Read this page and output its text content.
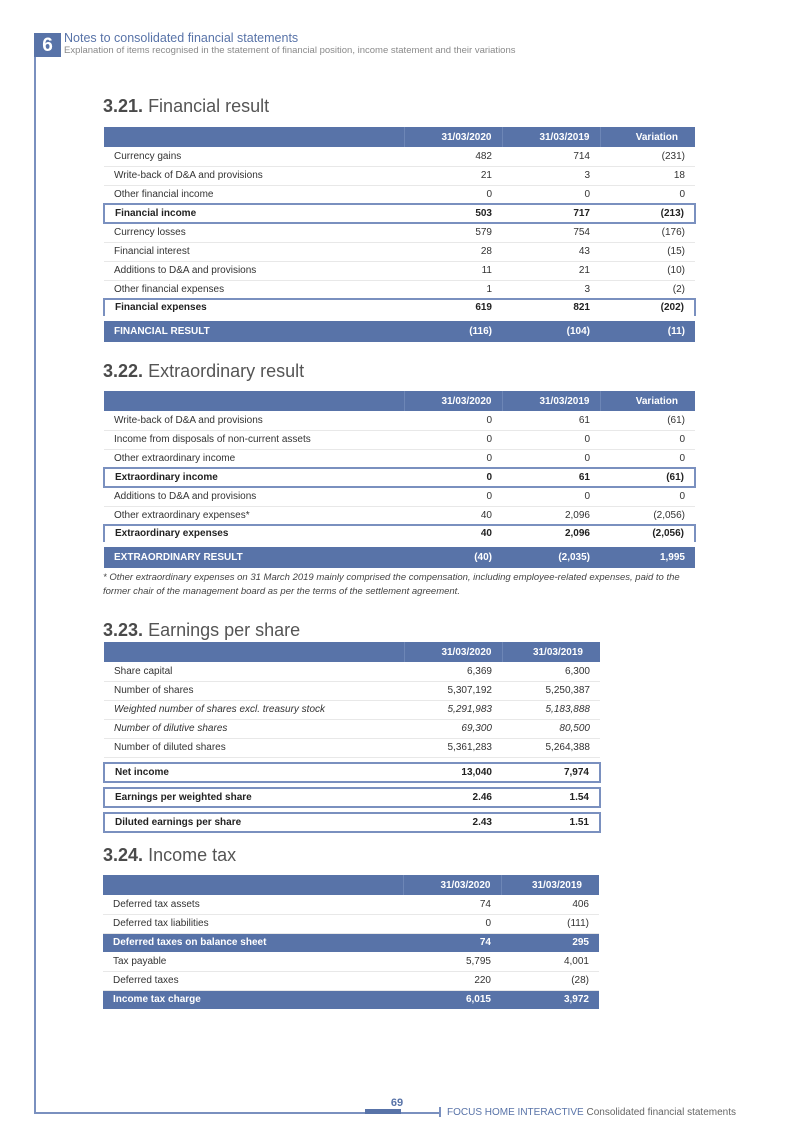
69
FOCUS HOME INTERACTIVE Consolidated financial statements
6 Notes to consolidated financial statements
Explanation of items recognised in the statement of financial position, income statement and their variations
3.21. Financial result
	31/03/2020	31/03/2019	Variation
Currency gains	482	714	(231)
Write-back of D&A and provisions	21	3	18
Other financial income	0	0	0
Financial income	503	717	(213)
Currency losses	579	754	(176)
Financial interest	28	43	(15)
Additions to D&A and provisions	11	21	(10)
Other financial expenses	1	3	(2)
Financial expenses	619	821	(202)
FINANCIAL RESULT	(116)	(104)	(11)
3.22. Extraordinary result
	31/03/2020	31/03/2019	Variation
Write-back of D&A and provisions	0	61	(61)
Income from disposals of non-current assets	0	0	0
Other extraordinary income	0	0	0
Extraordinary income	0	61	(61)
Additions to D&A and provisions	0	0	0
Other extraordinary expenses*	40	2,096	(2,056)
Extraordinary expenses	40	2,096	(2,056)
EXTRAORDINARY RESULT	(40)	(2,035)	1,995
* Other extraordinary expenses on 31 March 2019 mainly comprised the compensation, including employee-related expenses, paid to the former chair of the management board as per the terms of the settlement agreement.
3.23. Earnings per share
	31/03/2020	31/03/2019
Share capital	6,369	6,300
Number of shares	5,307,192	5,250,387
Weighted number of shares excl. treasury stock	5,291,983	5,183,888
Number of dilutive shares	69,300	80,500
Number of diluted shares	5,361,283	5,264,388

Net income	13,040	7,974

Earnings per weighted share	2.46	1.54

Diluted earnings per share	2.43	1.51
3.24. Income tax
	31/03/2020	31/03/2019
Deferred tax assets	74	406
Deferred tax liabilities	0	(111)
Deferred taxes on balance sheet	74	295
Tax payable	5,795	4,001
Deferred taxes	220	(28)
Income tax charge	6,015	3,972
